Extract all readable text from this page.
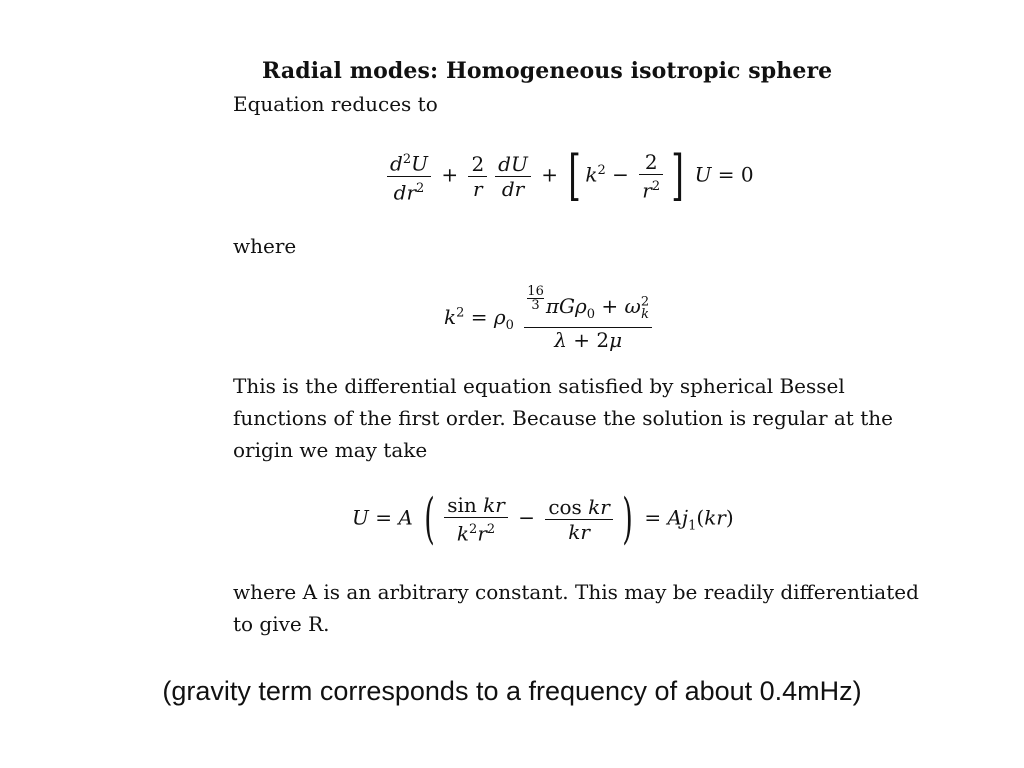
Radial modes: Homogeneous isotropic sphere
Equation reduces to
$\frac{d^2U}{dr^2} + \frac{2}{r} \frac{dU}{dr}$ + [ $k^2 - \frac{2}{r^2}$ ] U = 0
where
$k^2 = \rho_0 \frac{\frac{16}{3} \pi G\rho_0 + \omega^2_k}{\lambda + 2\mu}$
This is the differential equation satisfied by spherical Bessel functions of the first order. Because the solution is regular at the origin we may take
U = A ( $\frac{\text{sin kr}}{k^2r^2} - \frac{\text{cos kr}}{kr}$ ) = $Aj_1(kr)$
where A is an arbitrary constant. This may be readily differentiated to give R.
(gravity term corresponds to a frequency of about 0.4mHz)
